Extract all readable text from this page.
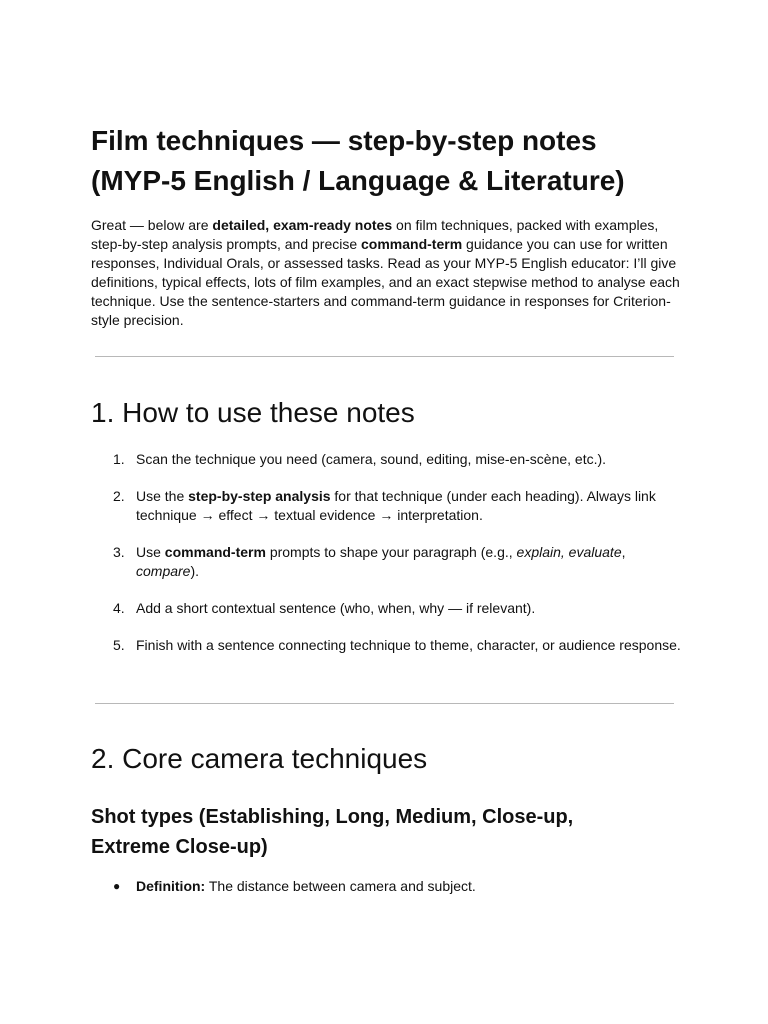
Film techniques — step-by-step notes
(MYP-5 English / Language & Literature)

Great — below are detailed, exam-ready notes on film techniques, packed with examples, step-by-step analysis prompts, and precise command-term guidance you can use for written responses, Individual Orals, or assessed tasks. Read as your MYP-5 English educator: I’ll give definitions, typical effects, lots of film examples, and an exact stepwise method to analyse each technique. Use the sentence-starters and command-term guidance in responses for Criterion-style precision.

1. How to use these notes
1. Scan the technique you need (camera, sound, editing, mise-en-scène, etc.).
2. Use the step-by-step analysis for that technique (under each heading). Always link technique → effect → textual evidence → interpretation.
3. Use command-term prompts to shape your paragraph (e.g., explain, evaluate, compare).
4. Add a short contextual sentence (who, when, why — if relevant).
5. Finish with a sentence connecting technique to theme, character, or audience response.
2. Core camera techniques
Shot types (Establishing, Long, Medium, Close-up, Extreme Close-up)
● Definition: The distance between camera and subject.
